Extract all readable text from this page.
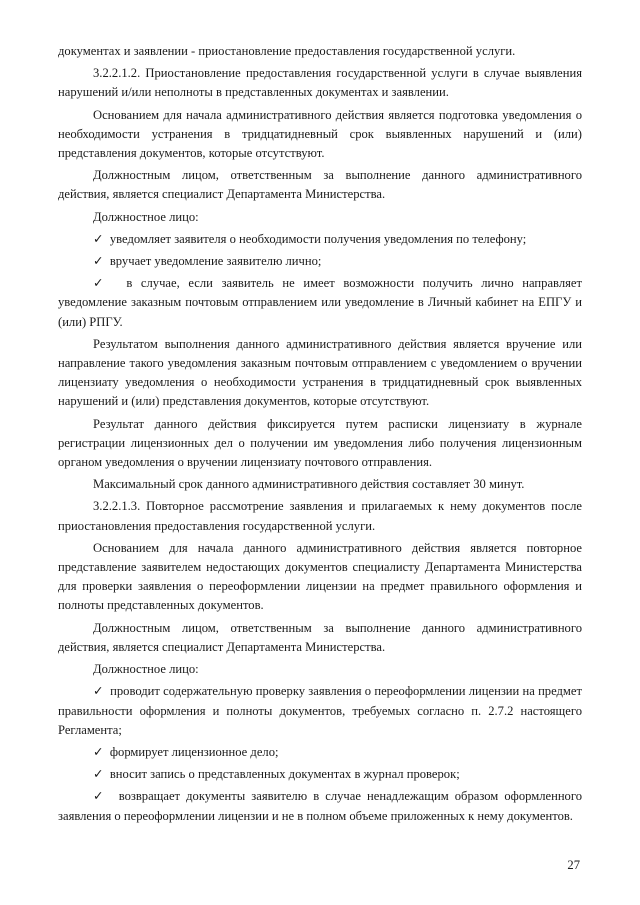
документах и заявлении - приостановление предоставления государственной услуги.

3.2.2.1.2. Приостановление предоставления государственной услуги в случае выявления нарушений и/или неполноты в представленных документах и заявлении.

Основанием для начала административного действия является подготовка уведомления о необходимости устранения в тридцатидневный срок выявленных нарушений и (или) представления документов, которые отсутствуют.

Должностным лицом, ответственным за выполнение данного административного действия, является специалист Департамента Министерства.

Должностное лицо:

✓  уведомляет заявителя о необходимости получения уведомления по телефону;

✓  вручает уведомление заявителю лично;

✓  в случае, если заявитель не имеет возможности получить лично направляет уведомление заказным почтовым отправлением или уведомление в Личный кабинет на ЕПГУ и (или) РПГУ.

Результатом выполнения данного административного действия является вручение или направление такого уведомления заказным почтовым отправлением с уведомлением о вручении лицензиату уведомления о необходимости устранения в тридцатидневный срок выявленных нарушений и (или) представления документов, которые отсутствуют.

Результат данного действия фиксируется путем расписки лицензиату в журнале регистрации лицензионных дел о получении им уведомления либо получения лицензионным органом уведомления о вручении лицензиату почтового отправления.

Максимальный срок данного административного действия составляет 30 минут.

3.2.2.1.3. Повторное рассмотрение заявления и прилагаемых к нему документов после приостановления предоставления государственной услуги.

Основанием для начала данного административного действия является повторное представление заявителем недостающих документов специалисту Департамента Министерства для проверки заявления о переоформлении лицензии на предмет правильного оформления и полноты представленных документов.

Должностным лицом, ответственным за выполнение данного административного действия, является специалист Департамента Министерства.

Должностное лицо:

✓  проводит содержательную проверку заявления о переоформлении лицензии на предмет правильности оформления и полноты документов, требуемых согласно п. 2.7.2 настоящего Регламента;

✓  формирует лицензионное дело;

✓  вносит запись о представленных документах в журнал проверок;

✓  возвращает документы заявителю в случае ненадлежащим образом оформленного заявления о переоформлении лицензии и не в полном объеме приложенных к нему документов.

27
